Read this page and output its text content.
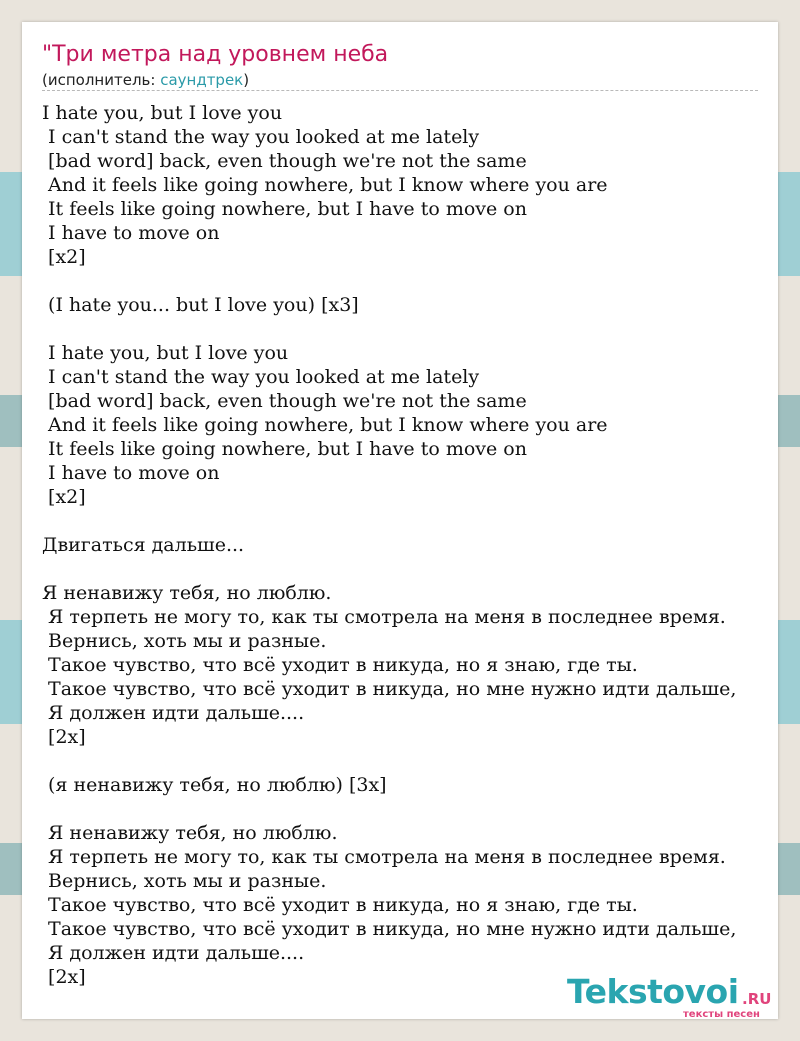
"Три метра над уровнем неба
(исполнитель: саундтрек)
I hate you, but I love you
I can't stand the way you looked at me lately
[bad word] back, even though we're not the same
And it feels like going nowhere, but I know where you are
It feels like going nowhere, but I have to move on
I have to move on
[x2]
(I hate you... but I love you) [x3]
I hate you, but I love you
I can't stand the way you looked at me lately
[bad word] back, even though we're not the same
And it feels like going nowhere, but I know where you are
It feels like going nowhere, but I have to move on
I have to move on
[x2]
Двигаться дальше...
Я ненавижу тебя, но люблю.
Я терпеть не могу то, как ты смотрела на меня в последнее время.
Вернись, хоть мы и разные.
Такое чувство, что всё уходит в никуда, но я знаю, где ты.
Такое чувство, что всё уходит в никуда, но мне нужно идти дальше,
Я должен идти дальше....
[2x]
(я ненавижу тебя, но люблю) [3x]
Я ненавижу тебя, но люблю.
Я терпеть не могу то, как ты смотрела на меня в последнее время.
Вернись, хоть мы и разные.
Такое чувство, что всё уходит в никуда, но я знаю, где ты.
Такое чувство, что всё уходит в никуда, но мне нужно идти дальше,
Я должен идти дальше....
[2x]	Tekstovoi .RU
тексты песен
